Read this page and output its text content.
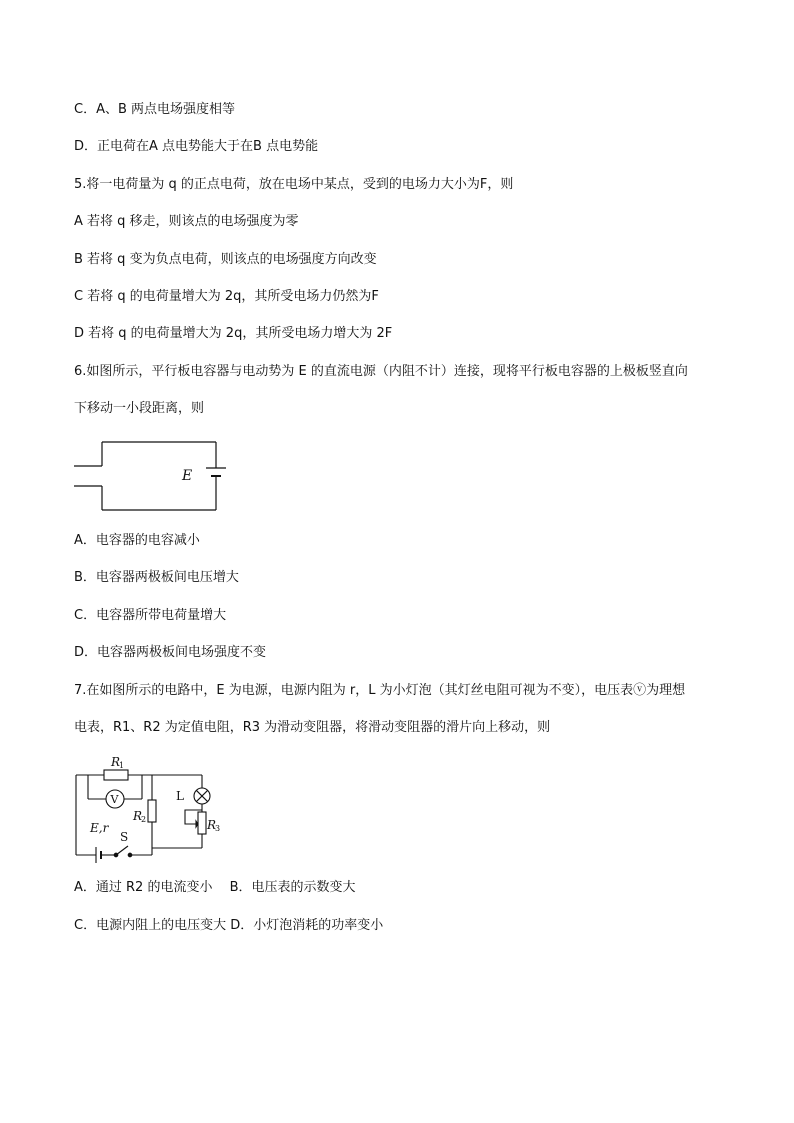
C．A、B 两点电场强度相等
D．正电荷在A 点电势能大于在B 点电势能
5.将一电荷量为 q 的正点电荷，放在电场中某点，受到的电场力大小为F，则
A 若将 q 移走，则该点的电场强度为零
B 若将 q 变为负点电荷，则该点的电场强度方向改变
C 若将 q 的电荷量增大为 2q，其所受电场力仍然为F
D 若将 q 的电荷量增大为 2q，其所受电场力增大为 2F
6.如图所示，平行板电容器与电动势为 E 的直流电源（内阻不计）连接，现将平行板电容器的上极板竖直向
下移动一小段距离，则
E
A．电容器的电容减小
B．电容器两极板间电压增大
C．电容器所带电荷量增大
D．电容器两极板间电场强度不变
7.在如图所示的电路中，E 为电源，电源内阻为 r，L 为小灯泡（其灯丝电阻可视为不变），电压表ⓥ为理想
电表，R1、R2 为定值电阻，R3 为滑动变阻器，将滑动变阻器的滑片向上移动，则
R
1
R
2	R
3
E,r
V	L
S
A．通过 R2 的电流变小　 B．电压表的示数变大
C．电源内阻上的电压变大 D．小灯泡消耗的功率变小
